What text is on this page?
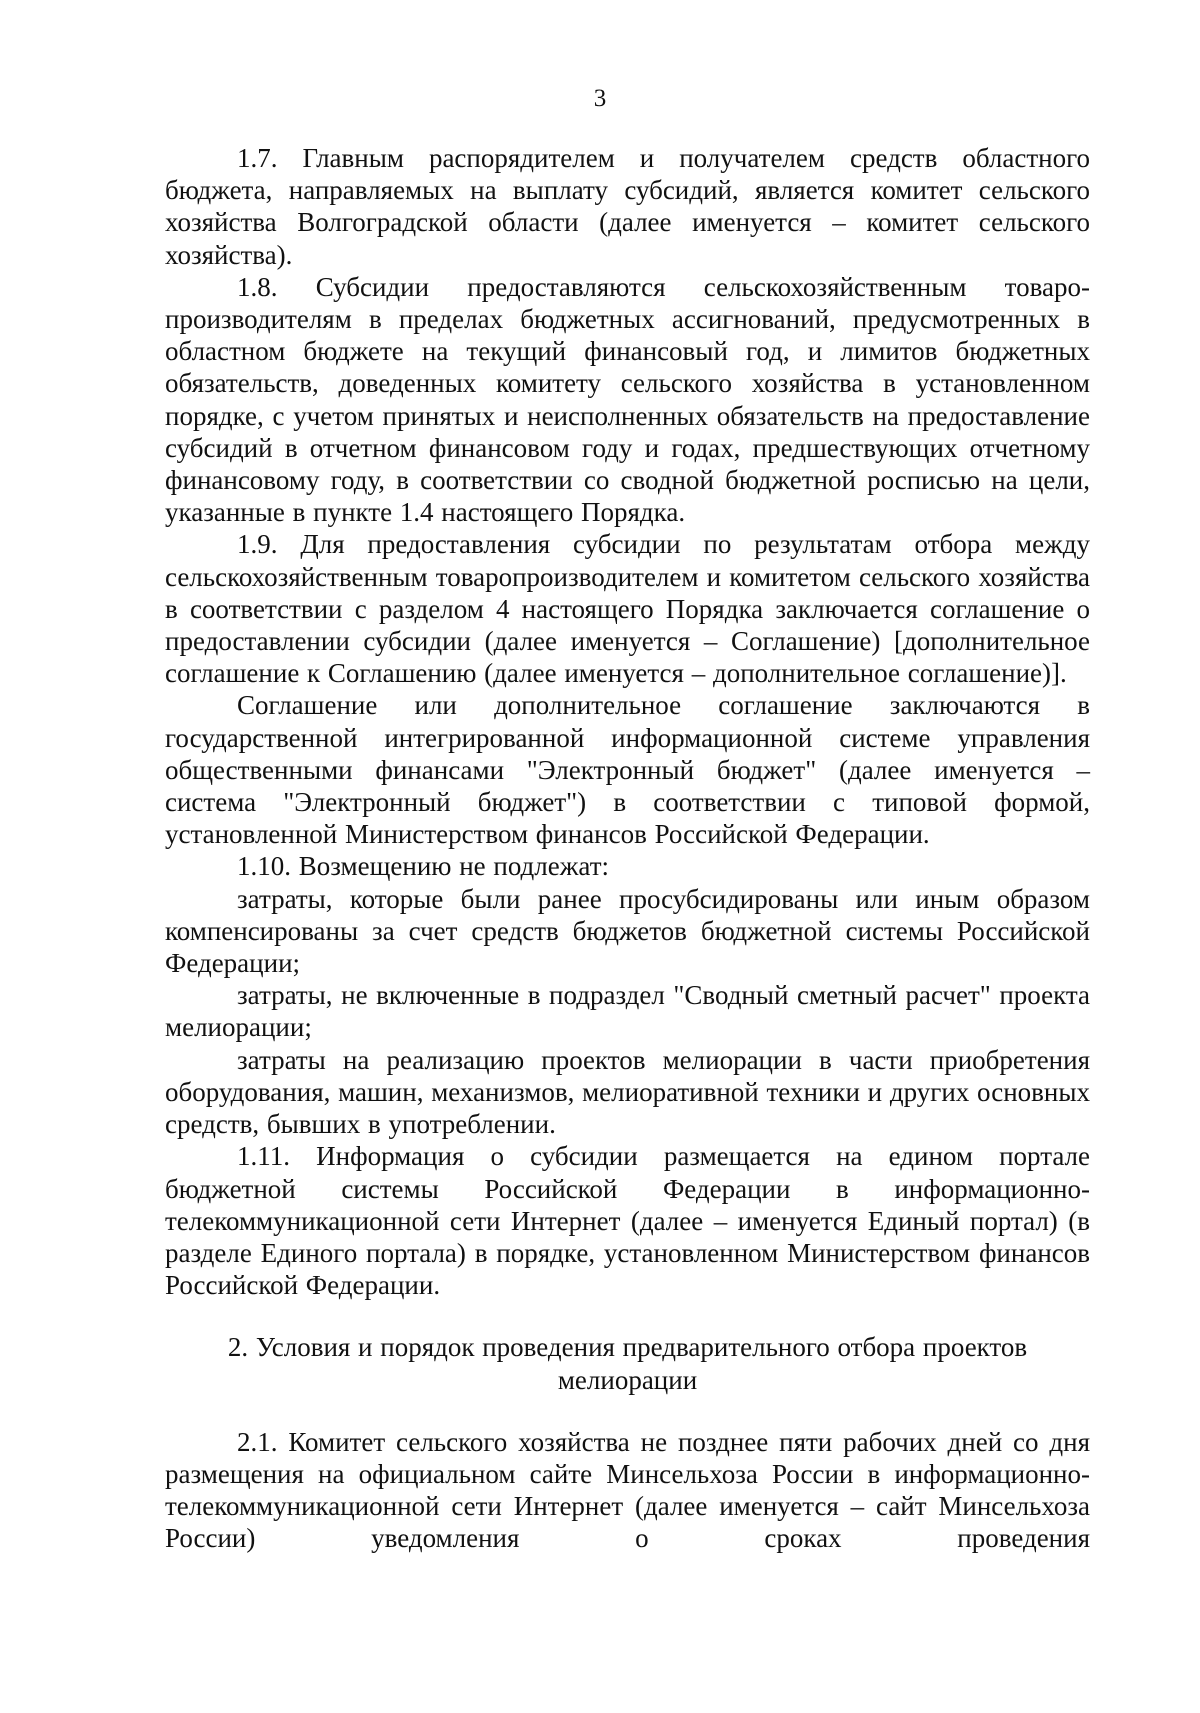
3

1.7. Главным распорядителем и получателем средств областного бюджета, направляемых на выплату субсидий, является комитет сельского хозяйства Волгоградской области (далее именуется – комитет сельского хозяйства).

1.8. Субсидии предоставляются сельскохозяйственным товаро-производителям в пределах бюджетных ассигнований, предусмотренных в областном бюджете на текущий финансовый год, и лимитов бюджетных обязательств, доведенных комитету сельского хозяйства в установленном порядке, с учетом принятых и неисполненных обязательств на предоставление субсидий в отчетном финансовом году и годах, предшествующих отчетному финансовому году, в соответствии со сводной бюджетной росписью на цели, указанные в пункте 1.4 настоящего Порядка.

1.9. Для предоставления субсидии по результатам отбора между сельскохозяйственным товаропроизводителем и комитетом сельского хозяйства в соответствии с разделом 4 настоящего Порядка заключается соглашение о предоставлении субсидии (далее именуется – Соглашение) [дополнительное соглашение к Соглашению (далее именуется – дополнительное соглашение)].

Соглашение или дополнительное соглашение заключаются в государственной интегрированной информационной системе управления общественными финансами "Электронный бюджет" (далее именуется – система "Электронный бюджет") в соответствии с типовой формой, установленной Министерством финансов Российской Федерации.

1.10. Возмещению не подлежат:

затраты, которые были ранее просубсидированы или иным образом компенсированы за счет средств бюджетов бюджетной системы Российской Федерации;

затраты, не включенные в подраздел "Сводный сметный расчет" проекта мелиорации;

затраты на реализацию проектов мелиорации в части приобретения оборудования, машин, механизмов, мелиоративной техники и других основных средств, бывших в употреблении.

1.11. Информация о субсидии размещается на едином портале бюджетной системы Российской Федерации в информационно-телекоммуникационной сети Интернет (далее – именуется Единый портал) (в разделе Единого портала) в порядке, установленном Министерством финансов Российской Федерации.

2. Условия и порядок проведения предварительного отбора проектов мелиорации

2.1. Комитет сельского хозяйства не позднее пяти рабочих дней со дня размещения на официальном сайте Минсельхоза России в информационно-телекоммуникационной сети Интернет (далее именуется – сайт Минсельхоза России) уведомления о сроках проведения
